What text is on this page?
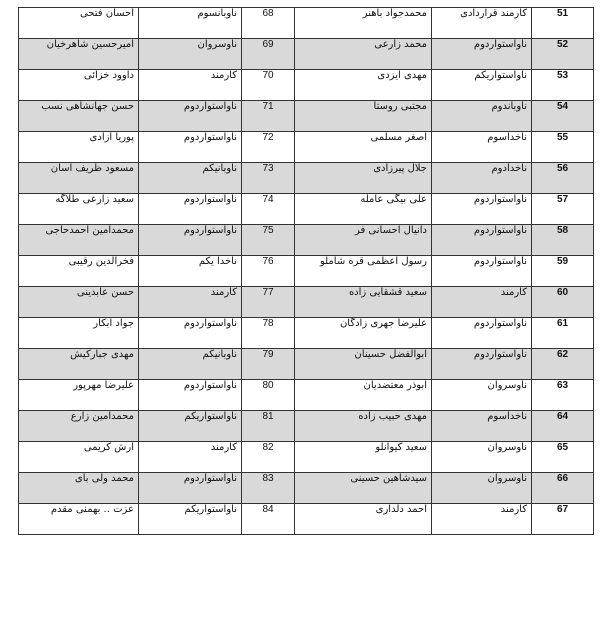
احسان فتحی	ناوبانسوم	68	محمدجواد باهنر	کارمند قراردادی	51
امیرحسین شاهرخیان	ناوسروان	69	محمد زارعی	ناواستواردوم	52
داوود خزائی	کارمند	70	مهدی ایزدی	ناواستواریکم	53
حسن جهانشاهی نسب	ناواستواردوم	71	مجتبی روستا	ناوباندوم	54
پوریا آزادی	ناواستواردوم	72	اصغر مسلمی	ناخداسوم	55
مسعود ظریف آسان	ناوبانیکم	73	جلال پیرزادی	ناخدادوم	56
سعید زارعی طلاگه	ناواستواردوم	74	علی بیگی عامله	ناواستواردوم	57
محمدامین احمدحاجی	ناواستواردوم	75	دانیال احسانی فر	ناواستواردوم	58
فخرالدین رقیبی	ناخدا یکم	76	رسول اعظمی قره شاملو	ناواستواردوم	59
حسن عابدینی	کارمند	77	سعید قشقایی زاده	کارمند	60
جواد آبکار	ناواستواردوم	78	علیرضا جهری زادگان	ناواستواردوم	61
مهدی جبارکیش	ناوبانیکم	79	ابوالفضل حسینان	ناواستواردوم	62
علیرضا مهرپور	ناواستواردوم	80	ابوذر معتضدیان	ناوسروان	63
محمدامین زارع	ناواستواریکم	81	مهدی حبیب زاده	ناخداسوم	64
آرش کریمی	کارمند	82	سعید کیوانلو	ناوسروان	65
محمد ولی بای	ناواستواردوم	83	سیدشاهین حسینی	ناوسروان	66
عزت .. بهمنی مقدم	ناواستواریکم	84	احمد دلداری	کارمند	67
